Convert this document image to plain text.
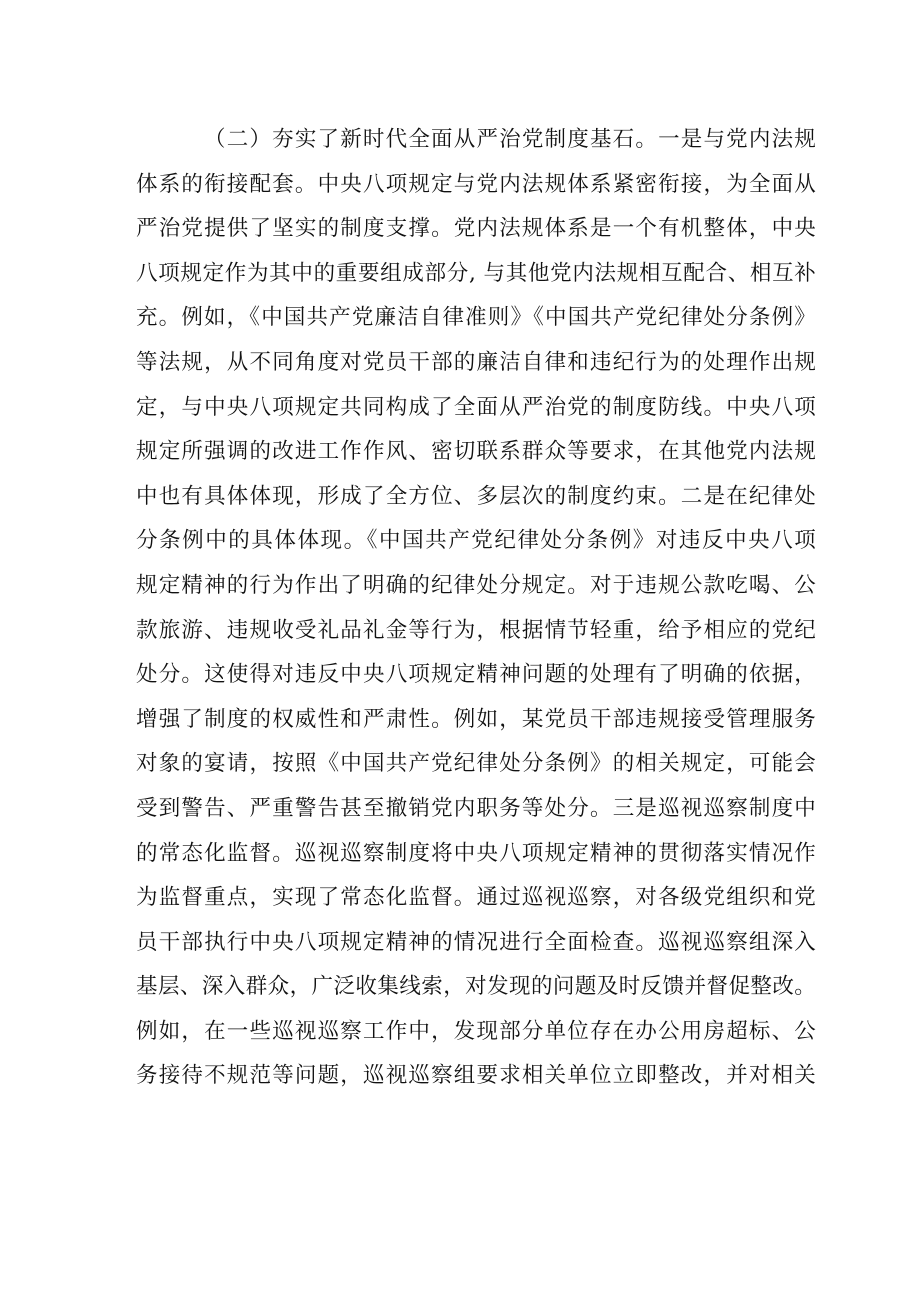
（二）夯实了新时代全面从严治党制度基石。一是与党内法规
体系的衔接配套。中央八项规定与党内法规体系紧密衔接，为全面从
严治党提供了坚实的制度支撑。党内法规体系是一个有机整体，中央
八项规定作为其中的重要组成部分, 与其他党内法规相互配合、相互补
充。例如，《中国共产党廉洁自律准则》《中国共产党纪律处分条例》
等法规，从不同角度对党员干部的廉洁自律和违纪行为的处理作出规
定，与中央八项规定共同构成了全面从严治党的制度防线。中央八项
规定所强调的改进工作作风、密切联系群众等要求，在其他党内法规
中也有具体体现，形成了全方位、多层次的制度约束。二是在纪律处
分条例中的具体体现。《中国共产党纪律处分条例》对违反中央八项
规定精神的行为作出了明确的纪律处分规定。对于违规公款吃喝、公
款旅游、违规收受礼品礼金等行为，根据情节轻重，给予相应的党纪
处分。这使得对违反中央八项规定精神问题的处理有了明确的依据，
增强了制度的权威性和严肃性。例如，某党员干部违规接受管理服务
对象的宴请，按照《中国共产党纪律处分条例》的相关规定，可能会
受到警告、严重警告甚至撤销党内职务等处分。三是巡视巡察制度中
的常态化监督。巡视巡察制度将中央八项规定精神的贯彻落实情况作
为监督重点，实现了常态化监督。通过巡视巡察，对各级党组织和党
员干部执行中央八项规定精神的情况进行全面检查。巡视巡察组深入
基层、深入群众，广泛收集线索，对发现的问题及时反馈并督促整改。
例如，在一些巡视巡察工作中，发现部分单位存在办公用房超标、公
务接待不规范等问题，巡视巡察组要求相关单位立即整改，并对相关
